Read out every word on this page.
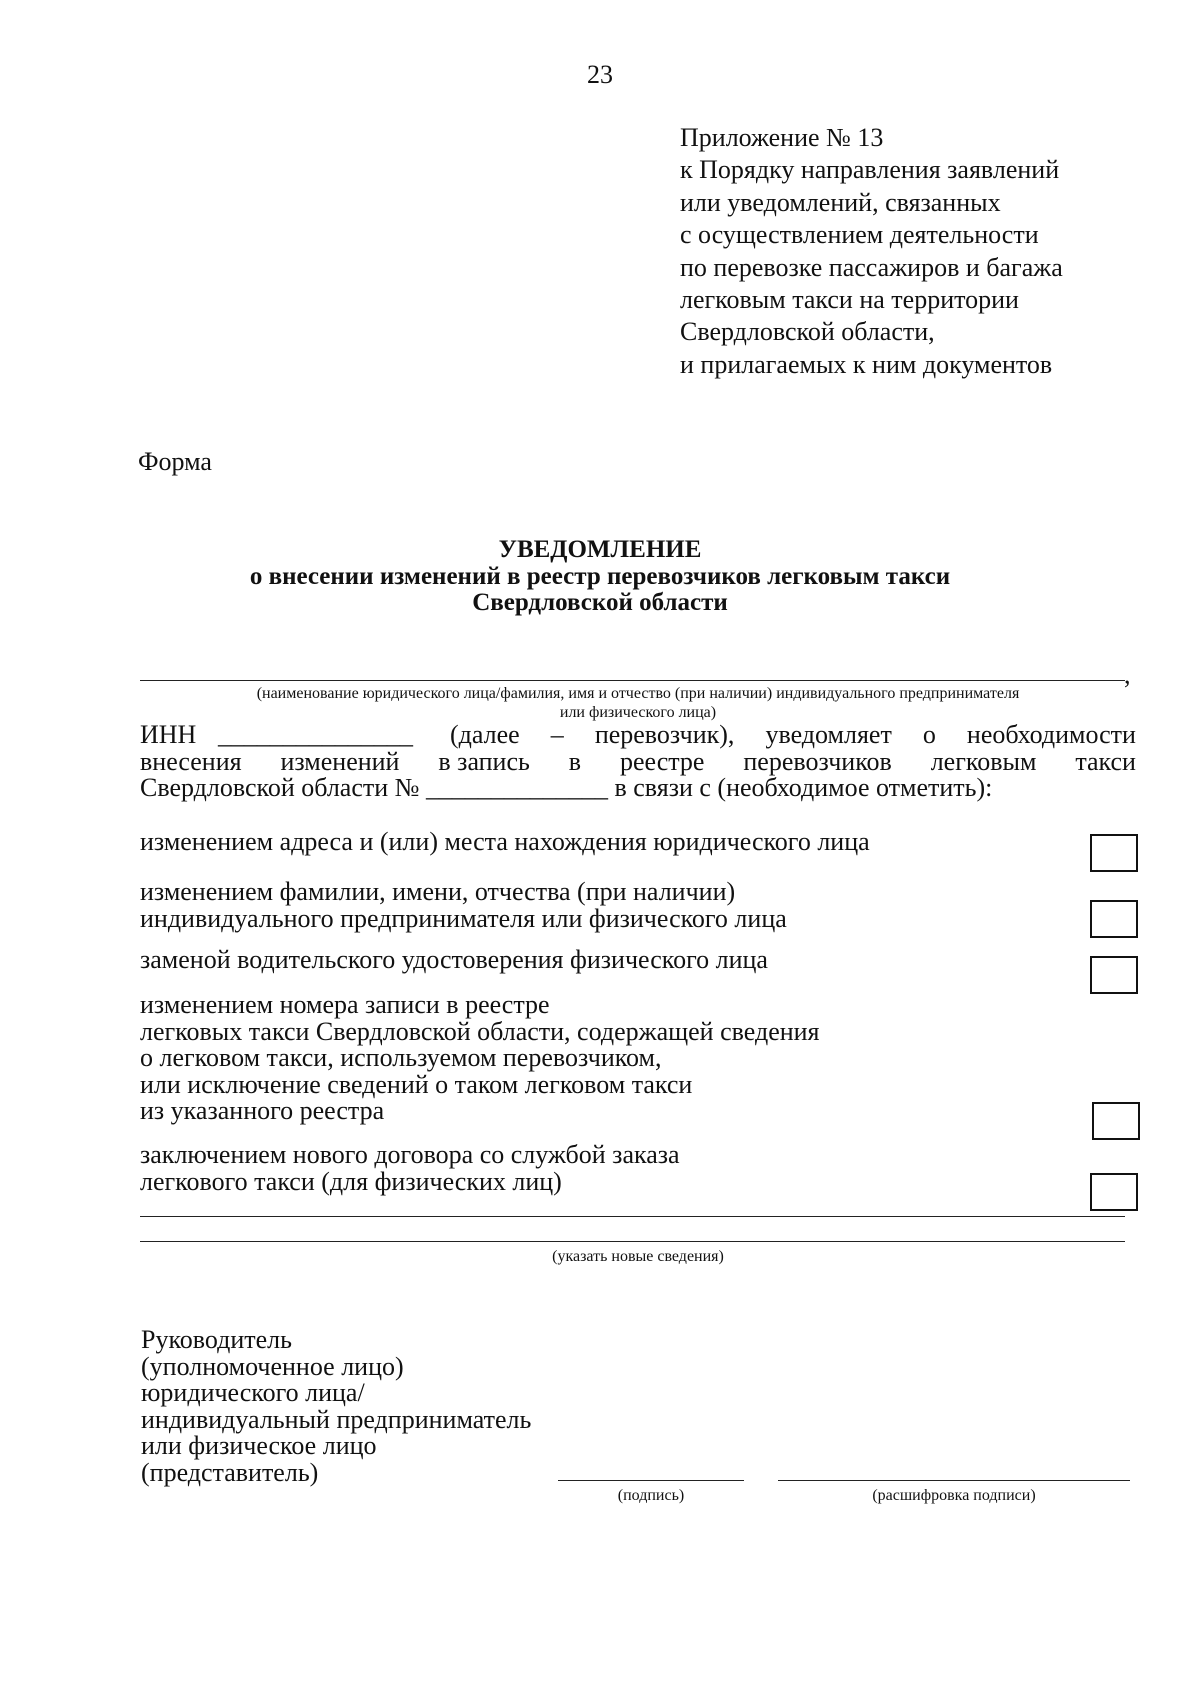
23
Приложение № 13
к Порядку направления заявлений
или уведомлений, связанных
с осуществлением деятельности
по перевозке пассажиров и багажа
легковым такси на территории
Свердловской области,
и прилагаемых к ним документов
Форма
УВЕДОМЛЕНИЕ
о внесении изменений в реестр перевозчиков легковым такси
Свердловской области
,
(наименование юридического лица/фамилия, имя и отчество (при наличии) индивидуального предпринимателя
или физического лица)
ИНН _______________ (далее – перевозчик), уведомляет о необходимости
внесения изменений в запись в реестре перевозчиков легковым такси
Свердловской области № ______________ в связи с (необходимое отметить):
изменением адреса и (или) места нахождения юридического лица
изменением фамилии, имени, отчества (при наличии)
индивидуального предпринимателя или физического лица
заменой водительского удостоверения физического лица
изменением номера записи в реестре
легковых такси Свердловской области, содержащей сведения
о легковом такси, используемом перевозчиком,
или исключение сведений о таком легковом такси
из указанного реестра
заключением нового договора со службой заказа
легкового такси (для физических лиц)
(указать новые сведения)
Руководитель
(уполномоченное лицо)
юридического лица/
индивидуальный предприниматель
или физическое лицо
(представитель)
(подпись)	(расшифровка подписи)
